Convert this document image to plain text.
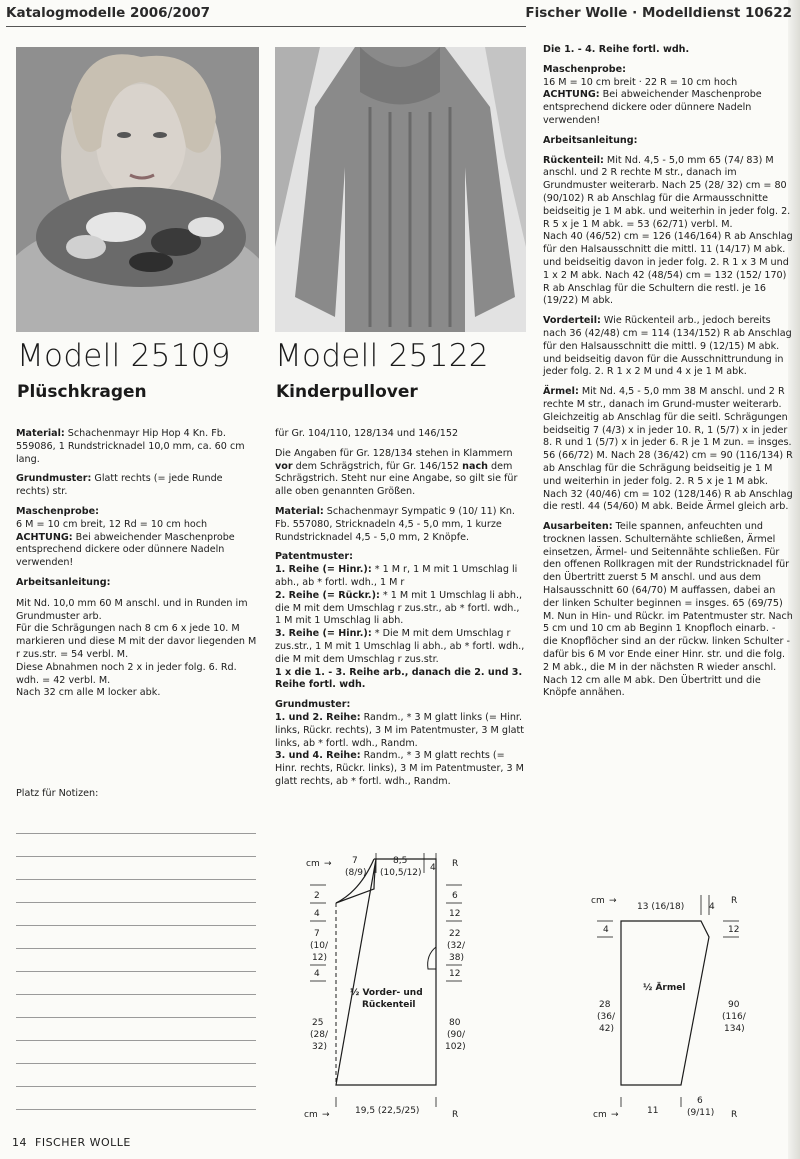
Katalogmodelle 2006/2007	Fischer Wolle · Modelldienst 10622
Modell 25109
Plüschkragen

Material: Schachenmayr Hip Hop 4 Kn. Fb. 559086, 1 Rundstricknadel 10,0 mm, ca. 60 cm lang.

Grundmuster: Glatt rechts (= jede Runde rechts) str.

Maschenprobe:

6 M = 10 cm breit, 12 Rd = 10 cm hoch
ACHTUNG: Bei abweichender Maschenprobe entsprechend dickere oder dünnere Nadeln verwenden!

Arbeitsanleitung:

Mit Nd. 10,0 mm 60 M anschl. und in Runden im Grundmuster arb.

Für die Schrägungen nach 8 cm 6 x jede 10. M markieren und diese M mit der davor liegenden M r zus.str. = 54 verbl. M.

Diese Abnahmen noch 2 x in jeder folg. 6. Rd. wdh. = 42 verbl. M.

Nach 32 cm alle M locker abk.

Platz für Notizen:
Modell 25122
Kinderpullover

für Gr. 104/110, 128/134 und 146/152

Die Angaben für Gr. 128/134 stehen in Klammern vor dem Schrägstrich, für Gr. 146/152 nach dem Schrägstrich. Steht nur eine Angabe, so gilt sie für alle oben genannten Größen.

Material: Schachenmayr Sympatic 9 (10/ 11) Kn. Fb. 557080, Stricknadeln 4,5 - 5,0 mm, 1 kurze Rundstricknadel 4,5 - 5,0 mm, 2 Knöpfe.

Patentmuster:

1. Reihe (= Hinr.): * 1 M r, 1 M mit 1 Umschlag li abh., ab * fortl. wdh., 1 M r

2. Reihe (= Rückr.): * 1 M mit 1 Umschlag li abh., die M mit dem Umschlag r zus.str., ab * fortl. wdh., 1 M mit 1 Umschlag li abh.

3. Reihe (= Hinr.): * Die M mit dem Umschlag r zus.str., 1 M mit 1 Umschlag li abh., ab * fortl. wdh., die M mit dem Umschlag r zus.str.

1 x die 1. - 3. Reihe arb., danach die 2. und 3. Reihe fortl. wdh.

Grundmuster:

1. und 2. Reihe: Randm., * 3 M glatt links (= Hinr. links, Rückr. rechts), 3 M im Patentmuster, 3 M glatt links, ab * fortl. wdh., Randm.

3. und 4. Reihe: Randm., * 3 M glatt rechts (= Hinr. rechts, Rückr. links), 3 M im Patentmuster, 3 M glatt rechts, ab * fortl. wdh., Randm.

Die 1. - 4. Reihe fortl. wdh.

Maschenprobe:

16 M = 10 cm breit · 22 R = 10 cm hoch
ACHTUNG: Bei abweichender Maschenprobe entsprechend dickere oder dünnere Nadeln verwenden!

Arbeitsanleitung:

Rückenteil: Mit Nd. 4,5 - 5,0 mm 65 (74/ 83) M anschl. und 2 R rechte M str., danach im Grundmuster weiterarb. Nach 25 (28/ 32) cm = 80 (90/102) R ab Anschlag für die Armausschnitte beidseitig je 1 M abk. und weiterhin in jeder folg. 2. R 5 x je 1 M abk. = 53 (62/71) verbl. M.

Nach 40 (46/52) cm = 126 (146/164) R ab Anschlag für den Halsausschnitt die mittl. 11 (14/17) M abk. und beidseitig davon in jeder folg. 2. R 1 x 3 M und 1 x 2 M abk. Nach 42 (48/54) cm = 132 (152/ 170) R ab Anschlag für die Schultern die restl. je 16 (19/22) M abk.

Vorderteil: Wie Rückenteil arb., jedoch bereits nach 36 (42/48) cm = 114 (134/152) R ab Anschlag für den Halsausschnitt die mittl. 9 (12/15) M abk. und beidseitig davon für die Ausschnittrundung in jeder folg. 2. R 1 x 2 M und 4 x je 1 M abk.

Ärmel: Mit Nd. 4,5 - 5,0 mm 38 M anschl. und 2 R rechte M str., danach im Grund-muster weiterarb. Gleichzeitig ab Anschlag für die seitl. Schrägungen beidseitig 7 (4/3) x in jeder 10. R, 1 (5/7) x in jeder 8. R und 1 (5/7) x in jeder 6. R je 1 M zun. = insges. 56 (66/72) M. Nach 28 (36/42) cm = 90 (116/134) R ab Anschlag für die Schrägung beidseitig je 1 M und weiterhin in jeder folg. 2. R 5 x je 1 M abk. Nach 32 (40/46) cm = 102 (128/146) R ab Anschlag die restl. 44 (54/60) M abk. Beide Ärmel gleich arb.

Ausarbeiten: Teile spannen, anfeuchten und trocknen lassen. Schulternähte schließen, Ärmel einsetzen, Ärmel- und Seitennähte schließen. Für den offenen Rollkragen mit der Rundstricknadel für den Übertritt zuerst 5 M anschl. und aus dem Halsausschnitt 60 (64/70) M auffassen, dabei an der linken Schulter beginnen = insges. 65 (69/75) M. Nun in Hin- und Rückr. im Patentmuster str. Nach 5 cm und 10 cm ab Beginn 1 Knopfloch einarb. - die Knopflöcher sind an der rückw. linken Schulter - dafür bis 6 M vor Ende einer Hinr. str. und die folg. 2 M abk., die M in der nächsten R wieder anschl. Nach 12 cm alle M abk. Den Übertritt und die Knöpfe annähen.

cm → 7
(8/9)
8,5
(10,5/12) 4 R
2
4
7
(10/
12)
4
25
(28/
32)
6
12
22
(32/
38)
12
80
(90/
102)
cm →	19,5 (22,5/25)	R
½ Vorder- und
Rückenteil
cm →
13 (16/18)	4
R
4	12
28
(36/
42)
90
(116/
134)
cm →	11
6
(9/11) R
½ Ärmel
14 FISCHER WOLLE
